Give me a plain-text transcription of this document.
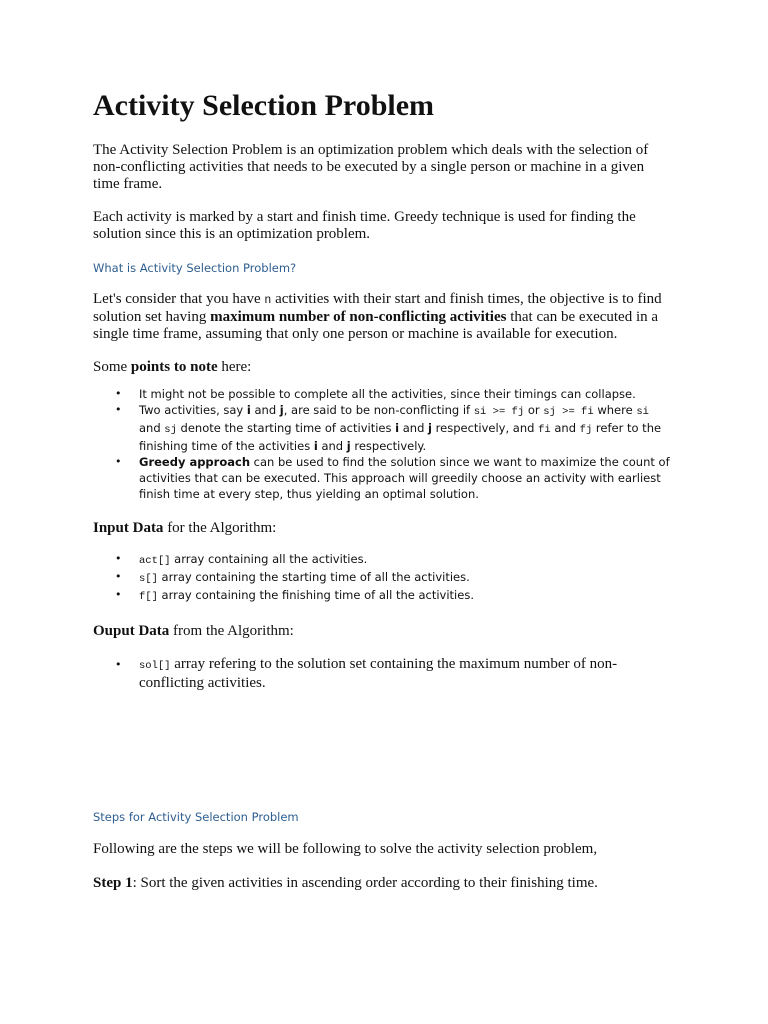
Activity Selection Problem

The Activity Selection Problem is an optimization problem which deals with the selection of non-conflicting activities that needs to be executed by a single person or machine in a given time frame.

Each activity is marked by a start and finish time. Greedy technique is used for finding the solution since this is an optimization problem.

What is Activity Selection Problem?

Let's consider that you have n activities with their start and finish times, the objective is to find solution set having maximum number of non-conflicting activities that can be executed in a single time frame, assuming that only one person or machine is available for execution.

Some points to note here:

• It might not be possible to complete all the activities, since their timings can collapse.
• Two activities, say i and j, are said to be non-conflicting if si >= fj or sj >= fi where si and sj denote the starting time of activities i and j respectively, and fi and fj refer to the finishing time of the activities i and j respectively.
• Greedy approach can be used to find the solution since we want to maximize the count of activities that can be executed. This approach will greedily choose an activity with earliest finish time at every step, thus yielding an optimal solution.

Input Data for the Algorithm:

• act[] array containing all the activities.
• s[] array containing the starting time of all the activities.
• f[] array containing the finishing time of all the activities.

Ouput Data from the Algorithm:

• sol[] array refering to the solution set containing the maximum number of non-conflicting activities.

Steps for Activity Selection Problem

Following are the steps we will be following to solve the activity selection problem,

Step 1: Sort the given activities in ascending order according to their finishing time.
